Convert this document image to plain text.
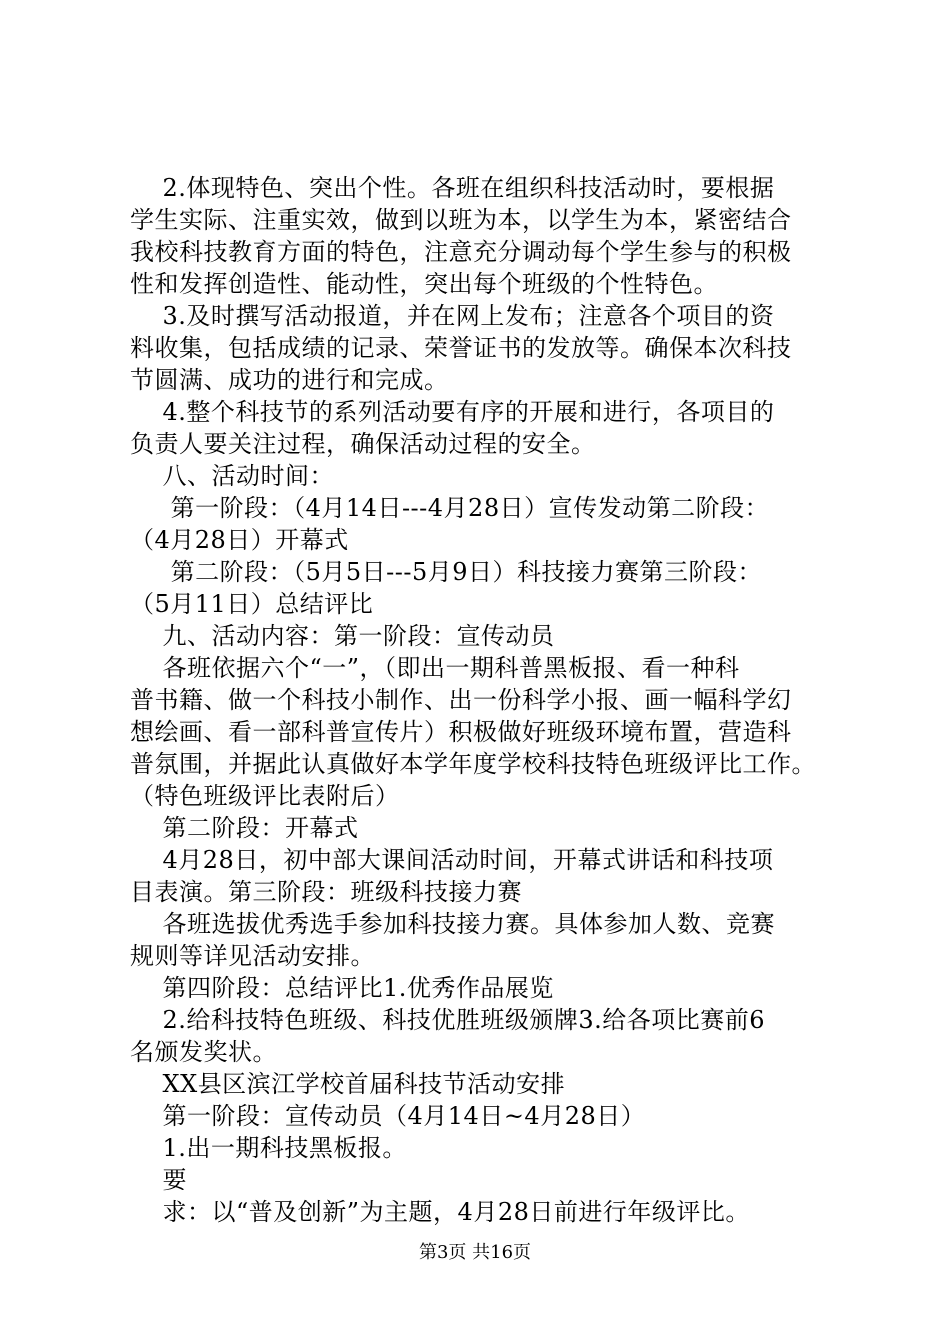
2.体现特色、突出个性。各班在组织科技活动时，要根据
学生实际、注重实效，做到以班为本，以学生为本，紧密结合
我校科技教育方面的特色，注意充分调动每个学生参与的积极
性和发挥创造性、能动性，突出每个班级的个性特色。
3.及时撰写活动报道，并在网上发布；注意各个项目的资
料收集，包括成绩的记录、荣誉证书的发放等。确保本次科技
节圆满、成功的进行和完成。
4.整个科技节的系列活动要有序的开展和进行，各项目的
负责人要关注过程，确保活动过程的安全。
八、活动时间：
第一阶段：（4月14日---4月28日）宣传发动第二阶段：
（4月28日）开幕式
第二阶段：（5月5日---5月9日）科技接力赛第三阶段：
（5月11日）总结评比
九、活动内容：第一阶段：宣传动员
各班依据六个“一”，（即出一期科普黑板报、看一种科
普书籍、做一个科技小制作、出一份科学小报、画一幅科学幻
想绘画、看一部科普宣传片）积极做好班级环境布置，营造科
普氛围，并据此认真做好本学年度学校科技特色班级评比工作。
（特色班级评比表附后）
第二阶段：开幕式
4月28日，初中部大课间活动时间，开幕式讲话和科技项
目表演。第三阶段：班级科技接力赛
各班选拔优秀选手参加科技接力赛。具体参加人数、竞赛
规则等详见活动安排。
第四阶段：总结评比1.优秀作品展览
2.给科技特色班级、科技优胜班级颁牌3.给各项比赛前6
名颁发奖状。
XX县区滨江学校首届科技节活动安排
第一阶段：宣传动员（4月14日~4月28日）
1.出一期科技黑板报。
要
求：以“普及创新”为主题，4月28日前进行年级评比。
第3页 共16页
